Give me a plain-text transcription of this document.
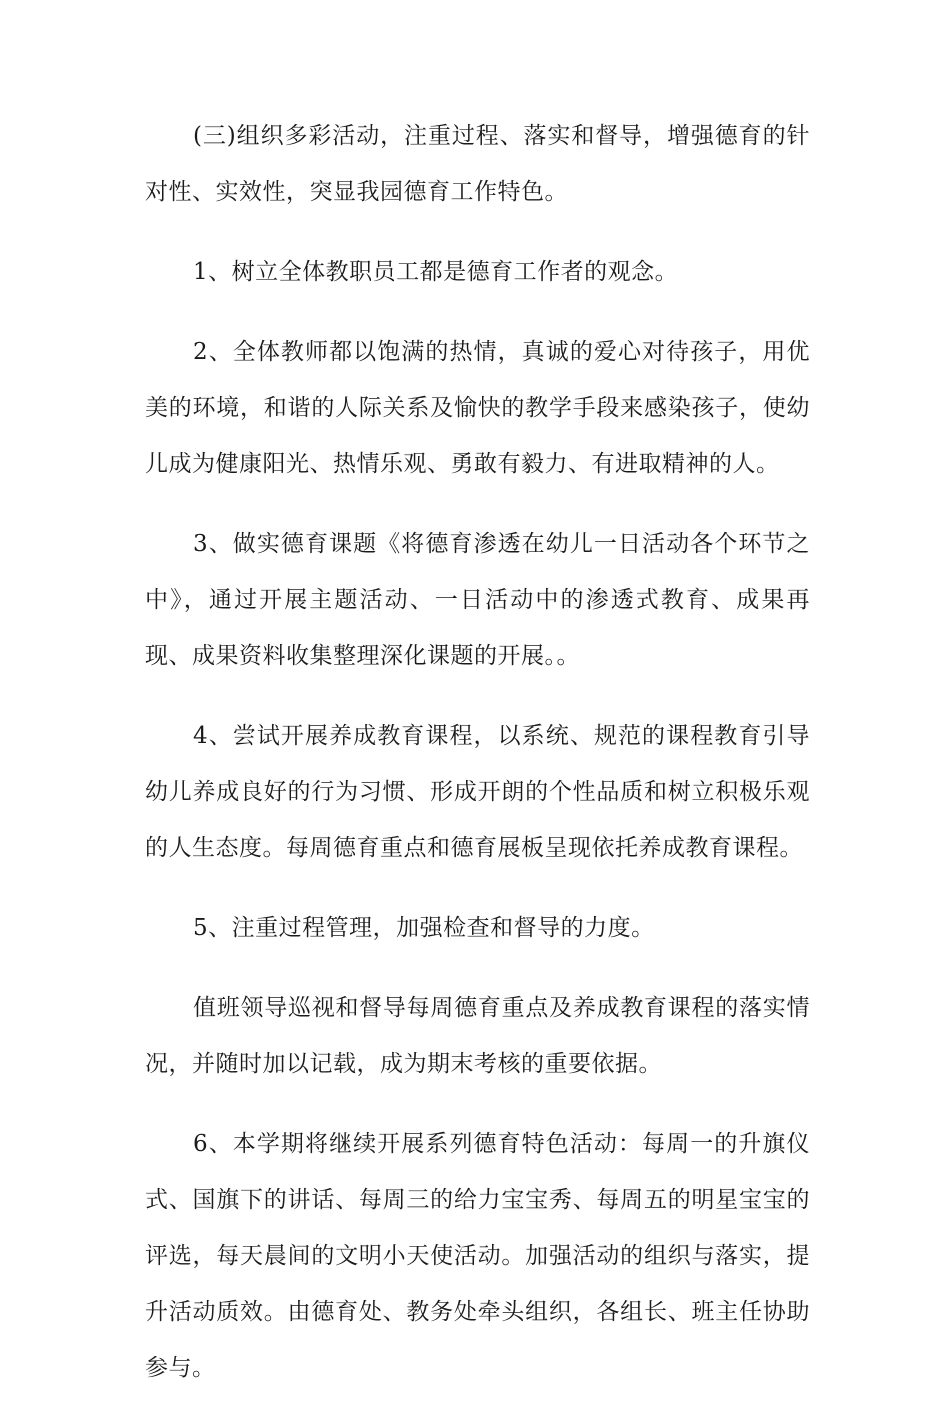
(三)组织多彩活动，注重过程、落实和督导，增强德育的针对性、实效性，突显我园德育工作特色。

1、树立全体教职员工都是德育工作者的观念。

2、全体教师都以饱满的热情，真诚的爱心对待孩子，用优美的环境，和谐的人际关系及愉快的教学手段来感染孩子，使幼儿成为健康阳光、热情乐观、勇敢有毅力、有进取精神的人。

3、做实德育课题《将德育渗透在幼儿一日活动各个环节之中》，通过开展主题活动、一日活动中的渗透式教育、成果再现、成果资料收集整理深化课题的开展。。

4、尝试开展养成教育课程，以系统、规范的课程教育引导幼儿养成良好的行为习惯、形成开朗的个性品质和树立积极乐观的人生态度。每周德育重点和德育展板呈现依托养成教育课程。

5、注重过程管理，加强检查和督导的力度。

值班领导巡视和督导每周德育重点及养成教育课程的落实情况，并随时加以记载，成为期末考核的重要依据。

6、本学期将继续开展系列德育特色活动：每周一的升旗仪式、国旗下的讲话、每周三的给力宝宝秀、每周五的明星宝宝的评选，每天晨间的文明小天使活动。加强活动的组织与落实，提升活动质效。由德育处、教务处牵头组织，各组长、班主任协助参与。
